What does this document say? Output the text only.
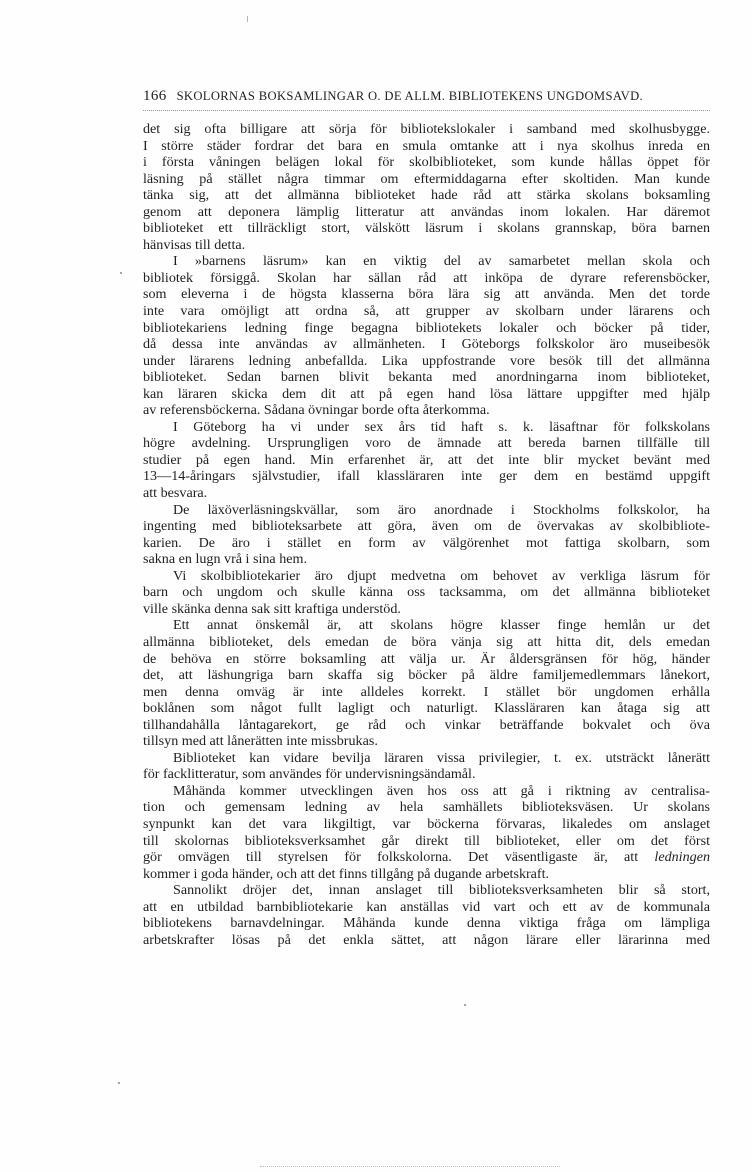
166 SKOLORNAS BOKSAMLINGAR O. DE ALLM. BIBLIOTEKENS UNGDOMSAVD.
det sig ofta billigare att sörja för bibliotekslokaler i samband med skolhusbygge.
I större städer fordrar det bara en smula omtanke att i nya skolhus inreda en
i första våningen belägen lokal för skolbiblioteket, som kunde hållas öppet för
läsning på stället några timmar om eftermiddagarna efter skoltiden. Man kunde
tänka sig, att det allmänna biblioteket hade råd att stärka skolans boksamling
genom att deponera lämplig litteratur att användas inom lokalen. Har däremot
biblioteket ett tillräckligt stort, välskött läsrum i skolans grannskap, böra barnen
hänvisas till detta.
I »barnens läsrum» kan en viktig del av samarbetet mellan skola och
bibliotek försiggå. Skolan har sällan råd att inköpa de dyrare referensböcker,
som eleverna i de högsta klasserna böra lära sig att använda. Men det torde
inte vara omöjligt att ordna så, att grupper av skolbarn under lärarens och
bibliotekariens ledning finge begagna bibliotekets lokaler och böcker på tider,
då dessa inte användas av allmänheten. I Göteborgs folkskolor äro museibesök
under lärarens ledning anbefallda. Lika uppfostrande vore besök till det allmänna
biblioteket. Sedan barnen blivit bekanta med anordningarna inom biblioteket,
kan läraren skicka dem dit att på egen hand lösa lättare uppgifter med hjälp
av referensböckerna. Sådana övningar borde ofta återkomma.
I Göteborg ha vi under sex års tid haft s. k. läsaftnar för folkskolans
högre avdelning. Ursprungligen voro de ämnade att bereda barnen tillfälle till
studier på egen hand. Min erfarenhet är, att det inte blir mycket bevänt med
13—14-åringars självstudier, ifall klassläraren inte ger dem en bestämd uppgift
att besvara.
De läxöverläsningskvällar, som äro anordnade i Stockholms folkskolor, ha
ingenting med biblioteksarbete att göra, även om de övervakas av skolbibliote-
karien. De äro i stället en form av välgörenhet mot fattiga skolbarn, som
sakna en lugn vrå i sina hem.
Vi skolbibliotekarier äro djupt medvetna om behovet av verkliga läsrum för
barn och ungdom och skulle känna oss tacksamma, om det allmänna biblioteket
ville skänka denna sak sitt kraftiga understöd.
Ett annat önskemål är, att skolans högre klasser finge hemlån ur det
allmänna biblioteket, dels emedan de böra vänja sig att hitta dit, dels emedan
de behöva en större boksamling att välja ur. Är åldersgränsen för hög, händer
det, att läshungriga barn skaffa sig böcker på äldre familjemedlemmars lånekort,
men denna omväg är inte alldeles korrekt. I stället bör ungdomen erhålla
boklånen som något fullt lagligt och naturligt. Klassläraren kan åtaga sig att
tillhandahålla låntagarekort, ge råd och vinkar beträffande bokvalet och öva
tillsyn med att lånerätten inte missbrukas.
Biblioteket kan vidare bevilja läraren vissa privilegier, t. ex. utsträckt lånerätt
för facklitteratur, som användes för undervisningsändamål.
Måhända kommer utvecklingen även hos oss att gå i riktning av centralisa-
tion och gemensam ledning av hela samhällets biblioteksväsen. Ur skolans
synpunkt kan det vara likgiltigt, var böckerna förvaras, likaledes om anslaget
till skolornas biblioteksverksamhet går direkt till biblioteket, eller om det först
gör omvägen till styrelsen för folkskolorna. Det väsentligaste är, att ledningen
kommer i goda händer, och att det finns tillgång på dugande arbetskraft.
Sannolikt dröjer det, innan anslaget till biblioteksverksamheten blir så stort,
att en utbildad barnbibliotekarie kan anställas vid vart och ett av de kommunala
bibliotekens barnavdelningar. Måhända kunde denna viktiga fråga om lämpliga
arbetskrafter lösas på det enkla sättet, att någon lärare eller lärarinna med
